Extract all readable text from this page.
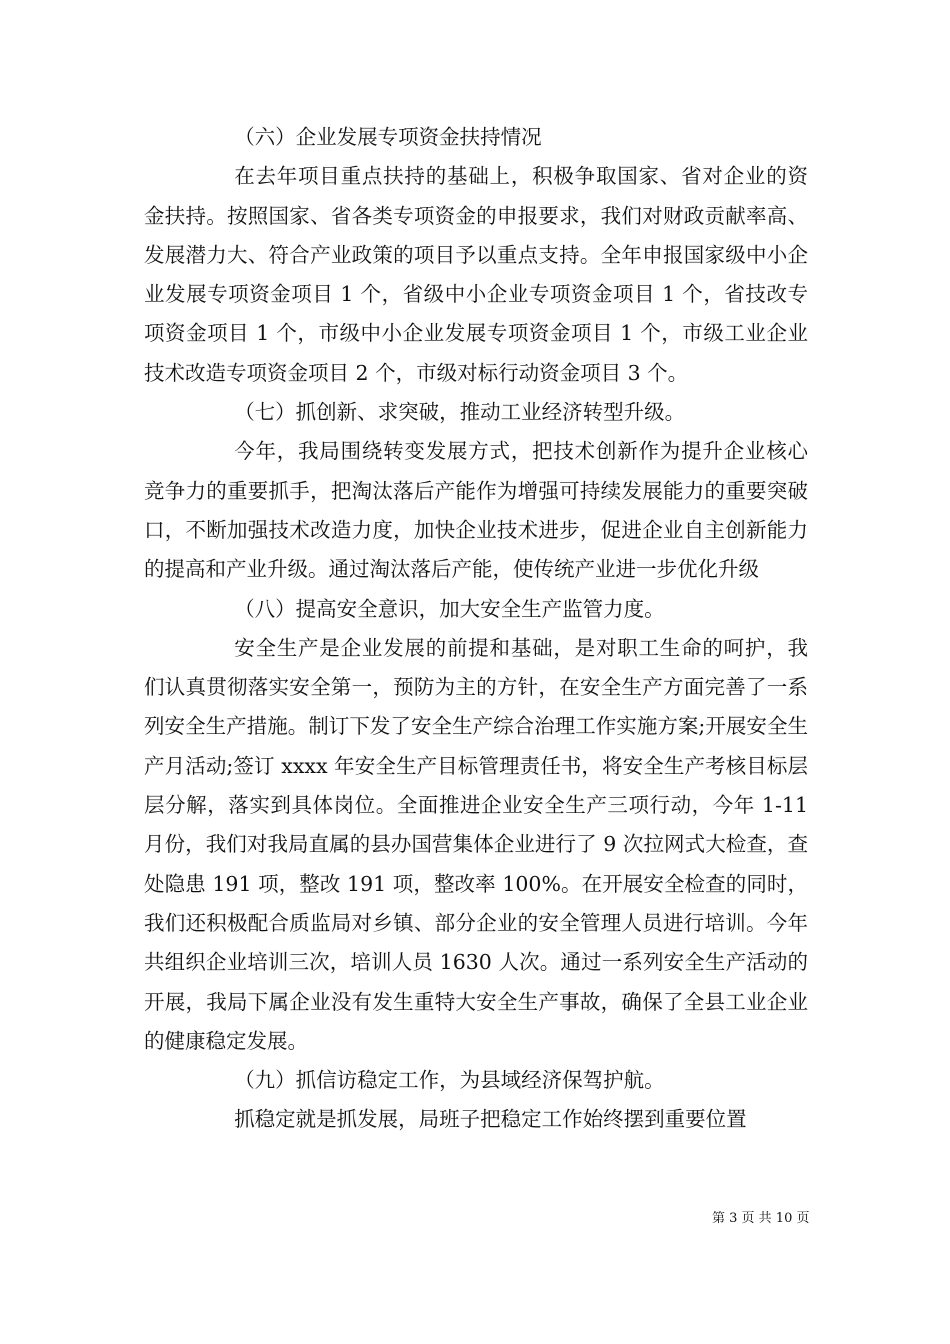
（六）企业发展专项资金扶持情况

在去年项目重点扶持的基础上，积极争取国家、省对企业的资金扶持。按照国家、省各类专项资金的申报要求，我们对财政贡献率高、发展潜力大、符合产业政策的项目予以重点支持。全年申报国家级中小企业发展专项资金项目 1 个，省级中小企业专项资金项目 1 个，省技改专项资金项目 1 个，市级中小企业发展专项资金项目 1 个，市级工业企业技术改造专项资金项目 2 个，市级对标行动资金项目 3 个。

（七）抓创新、求突破，推动工业经济转型升级。

今年，我局围绕转变发展方式，把技术创新作为提升企业核心竞争力的重要抓手，把淘汰落后产能作为增强可持续发展能力的重要突破口，不断加强技术改造力度，加快企业技术进步，促进企业自主创新能力的提高和产业升级。通过淘汰落后产能，使传统产业进一步优化升级

（八）提高安全意识，加大安全生产监管力度。

安全生产是企业发展的前提和基础，是对职工生命的呵护，我们认真贯彻落实安全第一，预防为主的方针，在安全生产方面完善了一系列安全生产措施。制订下发了安全生产综合治理工作实施方案;开展安全生产月活动;签订 xxxx 年安全生产目标管理责任书，将安全生产考核目标层层分解，落实到具体岗位。全面推进企业安全生产三项行动，今年 1-11 月份，我们对我局直属的县办国营集体企业进行了 9 次拉网式大检查，查处隐患 191 项，整改 191 项，整改率 100%。在开展安全检查的同时，我们还积极配合质监局对乡镇、部分企业的安全管理人员进行培训。今年共组织企业培训三次，培训人员 1630 人次。通过一系列安全生产活动的开展，我局下属企业没有发生重特大安全生产事故，确保了全县工业企业的健康稳定发展。

（九）抓信访稳定工作，为县域经济保驾护航。

抓稳定就是抓发展，局班子把稳定工作始终摆到重要位置

第 3 页 共 10 页
